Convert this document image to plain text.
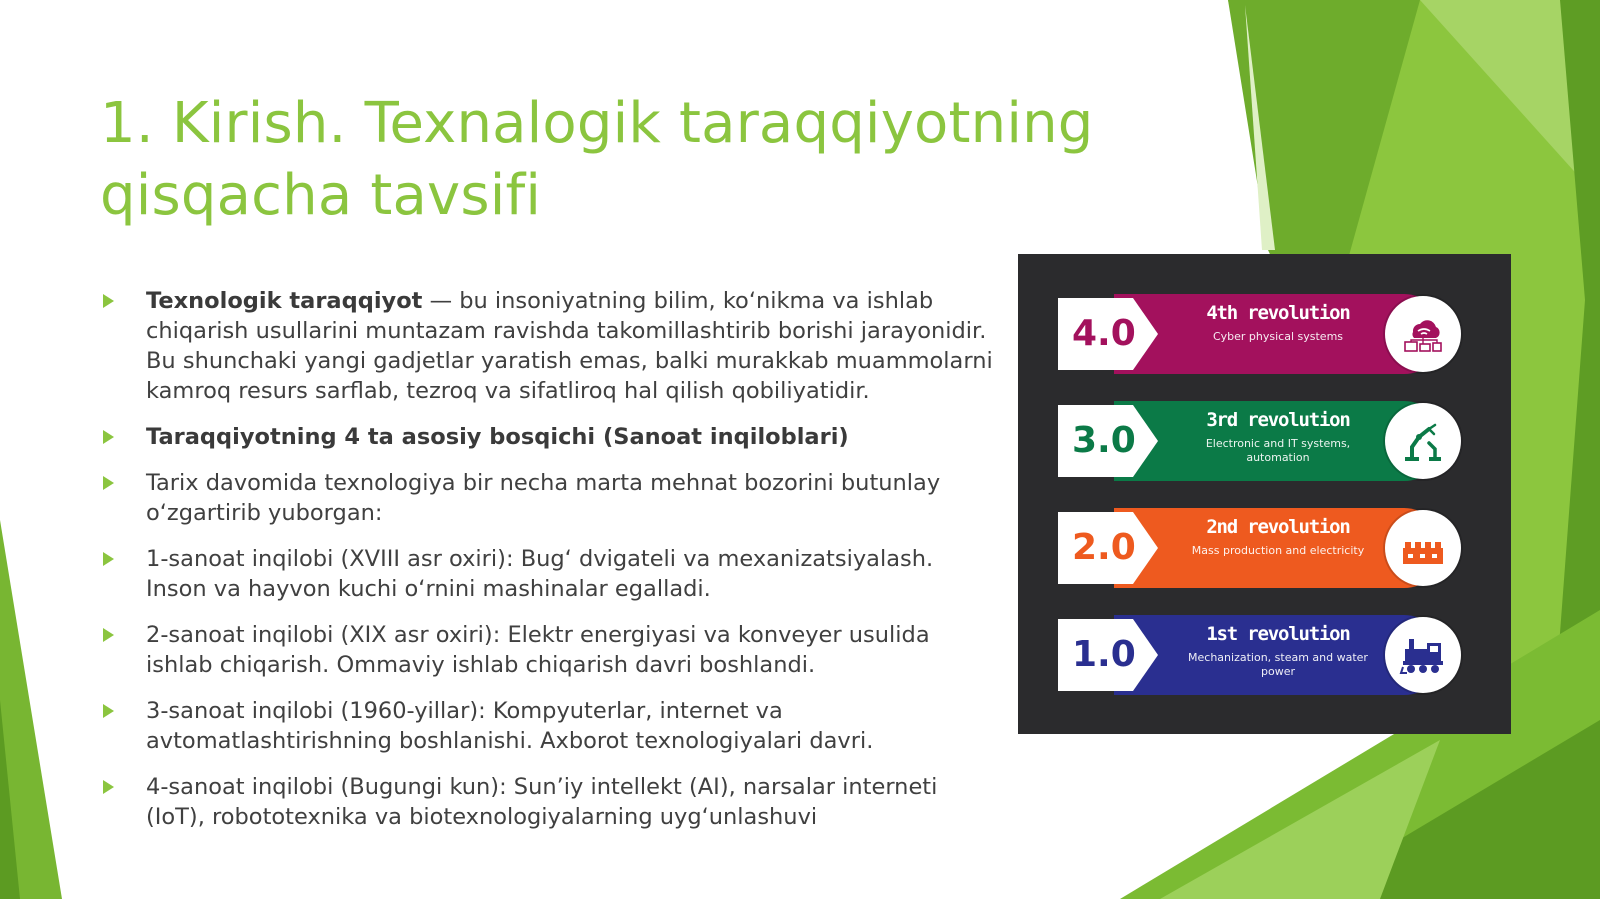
1. Kirish. Texnalogik taraqqiyotning qisqacha tavsifi
Texnologik taraqqiyot — bu insoniyatning bilim, ko‘nikma va ishlab chiqarish usullarini muntazam ravishda takomillashtirib borishi jarayonidir. Bu shunchaki yangi gadjetlar yaratish emas, balki murakkab muammolarni kamroq resurs sarflab, tezroq va sifatliroq hal qilish qobiliyatidir.
Taraqqiyotning 4 ta asosiy bosqichi (Sanoat inqiloblari)
Tarix davomida texnologiya bir necha marta mehnat bozorini butunlay o‘zgartirib yuborgan:
1-sanoat inqilobi (XVIII asr oxiri): Bug‘ dvigateli va mexanizatsiyalash. Inson va hayvon kuchi o‘rnini mashinalar egalladi.
2-sanoat inqilobi (XIX asr oxiri): Elektr energiyasi va konveyer usulida ishlab chiqarish. Ommaviy ishlab chiqarish davri boshlandi.
3-sanoat inqilobi (1960-yillar): Kompyuterlar, internet va avtomatlashtirishning boshlanishi. Axborot texnologiyalari davri.
4-sanoat inqilobi (Bugungi kun): Sun’iy intellekt (AI), narsalar interneti (IoT), robototexnika va biotexnologiyalarning uyg‘unlashuvi
4.0	4th revolution
Cyber physical systems
3.0	3rd revolution
Electronic and IT systems, automation
2.0	2nd revolution
Mass production and electricity
1.0	1st revolution
Mechanization, steam and water power
